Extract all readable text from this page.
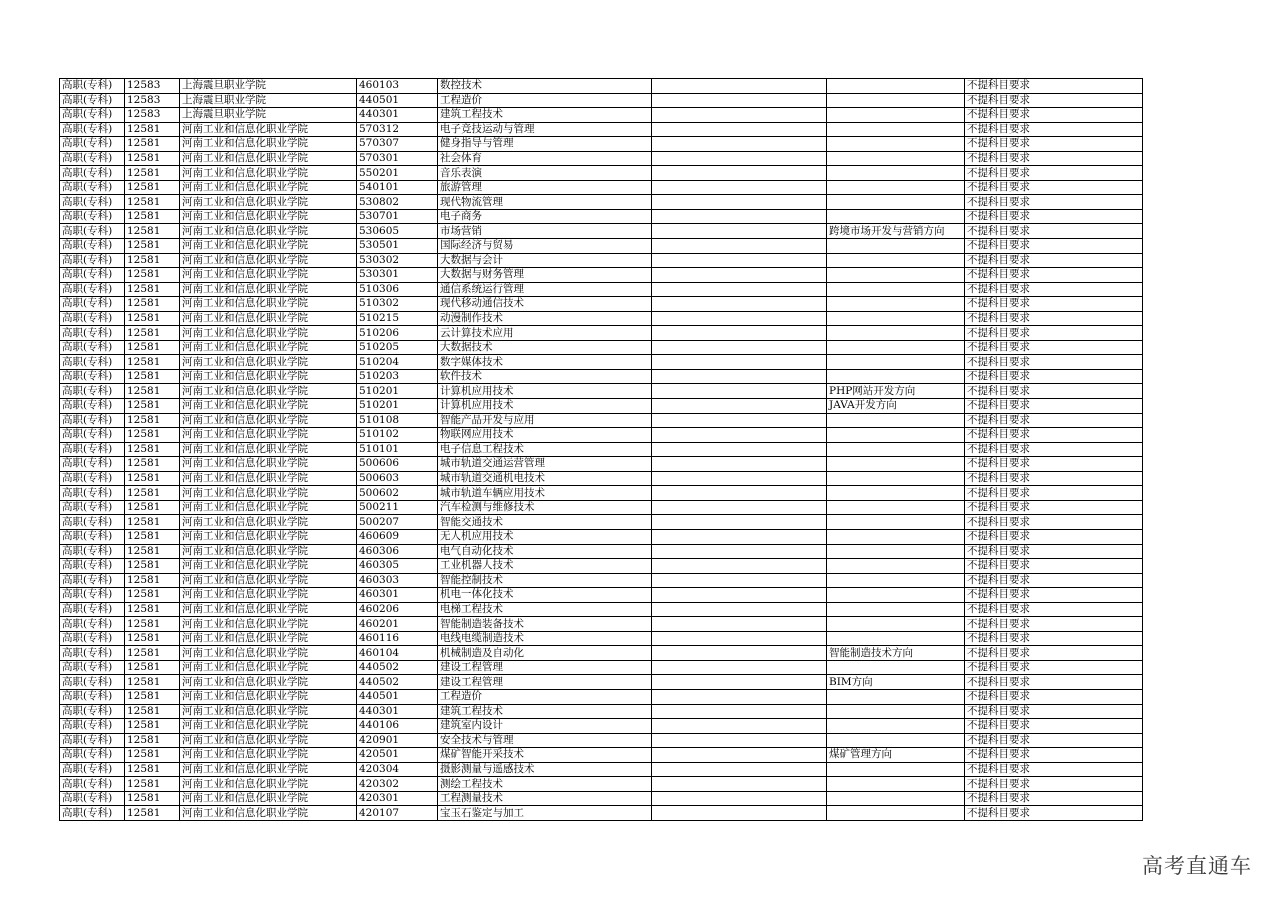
高职(专科)	12583	上海震旦职业学院	460103	数控技术			不提科目要求
高职(专科)	12583	上海震旦职业学院	440501	工程造价			不提科目要求
高职(专科)	12583	上海震旦职业学院	440301	建筑工程技术			不提科目要求
高职(专科)	12581	河南工业和信息化职业学院	570312	电子竞技运动与管理			不提科目要求
高职(专科)	12581	河南工业和信息化职业学院	570307	健身指导与管理			不提科目要求
高职(专科)	12581	河南工业和信息化职业学院	570301	社会体育			不提科目要求
高职(专科)	12581	河南工业和信息化职业学院	550201	音乐表演			不提科目要求
高职(专科)	12581	河南工业和信息化职业学院	540101	旅游管理			不提科目要求
高职(专科)	12581	河南工业和信息化职业学院	530802	现代物流管理			不提科目要求
高职(专科)	12581	河南工业和信息化职业学院	530701	电子商务			不提科目要求
高职(专科)	12581	河南工业和信息化职业学院	530605	市场营销		跨境市场开发与营销方向	不提科目要求
高职(专科)	12581	河南工业和信息化职业学院	530501	国际经济与贸易			不提科目要求
高职(专科)	12581	河南工业和信息化职业学院	530302	大数据与会计			不提科目要求
高职(专科)	12581	河南工业和信息化职业学院	530301	大数据与财务管理			不提科目要求
高职(专科)	12581	河南工业和信息化职业学院	510306	通信系统运行管理			不提科目要求
高职(专科)	12581	河南工业和信息化职业学院	510302	现代移动通信技术			不提科目要求
高职(专科)	12581	河南工业和信息化职业学院	510215	动漫制作技术			不提科目要求
高职(专科)	12581	河南工业和信息化职业学院	510206	云计算技术应用			不提科目要求
高职(专科)	12581	河南工业和信息化职业学院	510205	大数据技术			不提科目要求
高职(专科)	12581	河南工业和信息化职业学院	510204	数字媒体技术			不提科目要求
高职(专科)	12581	河南工业和信息化职业学院	510203	软件技术			不提科目要求
高职(专科)	12581	河南工业和信息化职业学院	510201	计算机应用技术		PHP网站开发方向	不提科目要求
高职(专科)	12581	河南工业和信息化职业学院	510201	计算机应用技术		JAVA开发方向	不提科目要求
高职(专科)	12581	河南工业和信息化职业学院	510108	智能产品开发与应用			不提科目要求
高职(专科)	12581	河南工业和信息化职业学院	510102	物联网应用技术			不提科目要求
高职(专科)	12581	河南工业和信息化职业学院	510101	电子信息工程技术			不提科目要求
高职(专科)	12581	河南工业和信息化职业学院	500606	城市轨道交通运营管理			不提科目要求
高职(专科)	12581	河南工业和信息化职业学院	500603	城市轨道交通机电技术			不提科目要求
高职(专科)	12581	河南工业和信息化职业学院	500602	城市轨道车辆应用技术			不提科目要求
高职(专科)	12581	河南工业和信息化职业学院	500211	汽车检测与维修技术			不提科目要求
高职(专科)	12581	河南工业和信息化职业学院	500207	智能交通技术			不提科目要求
高职(专科)	12581	河南工业和信息化职业学院	460609	无人机应用技术			不提科目要求
高职(专科)	12581	河南工业和信息化职业学院	460306	电气自动化技术			不提科目要求
高职(专科)	12581	河南工业和信息化职业学院	460305	工业机器人技术			不提科目要求
高职(专科)	12581	河南工业和信息化职业学院	460303	智能控制技术			不提科目要求
高职(专科)	12581	河南工业和信息化职业学院	460301	机电一体化技术			不提科目要求
高职(专科)	12581	河南工业和信息化职业学院	460206	电梯工程技术			不提科目要求
高职(专科)	12581	河南工业和信息化职业学院	460201	智能制造装备技术			不提科目要求
高职(专科)	12581	河南工业和信息化职业学院	460116	电线电缆制造技术			不提科目要求
高职(专科)	12581	河南工业和信息化职业学院	460104	机械制造及自动化		智能制造技术方向	不提科目要求
高职(专科)	12581	河南工业和信息化职业学院	440502	建设工程管理			不提科目要求
高职(专科)	12581	河南工业和信息化职业学院	440502	建设工程管理		BIM方向	不提科目要求
高职(专科)	12581	河南工业和信息化职业学院	440501	工程造价			不提科目要求
高职(专科)	12581	河南工业和信息化职业学院	440301	建筑工程技术			不提科目要求
高职(专科)	12581	河南工业和信息化职业学院	440106	建筑室内设计			不提科目要求
高职(专科)	12581	河南工业和信息化职业学院	420901	安全技术与管理			不提科目要求
高职(专科)	12581	河南工业和信息化职业学院	420501	煤矿智能开采技术		煤矿管理方向	不提科目要求
高职(专科)	12581	河南工业和信息化职业学院	420304	摄影测量与遥感技术			不提科目要求
高职(专科)	12581	河南工业和信息化职业学院	420302	测绘工程技术			不提科目要求
高职(专科)	12581	河南工业和信息化职业学院	420301	工程测量技术			不提科目要求
高职(专科)	12581	河南工业和信息化职业学院	420107	宝玉石鉴定与加工			不提科目要求
高考直通车
